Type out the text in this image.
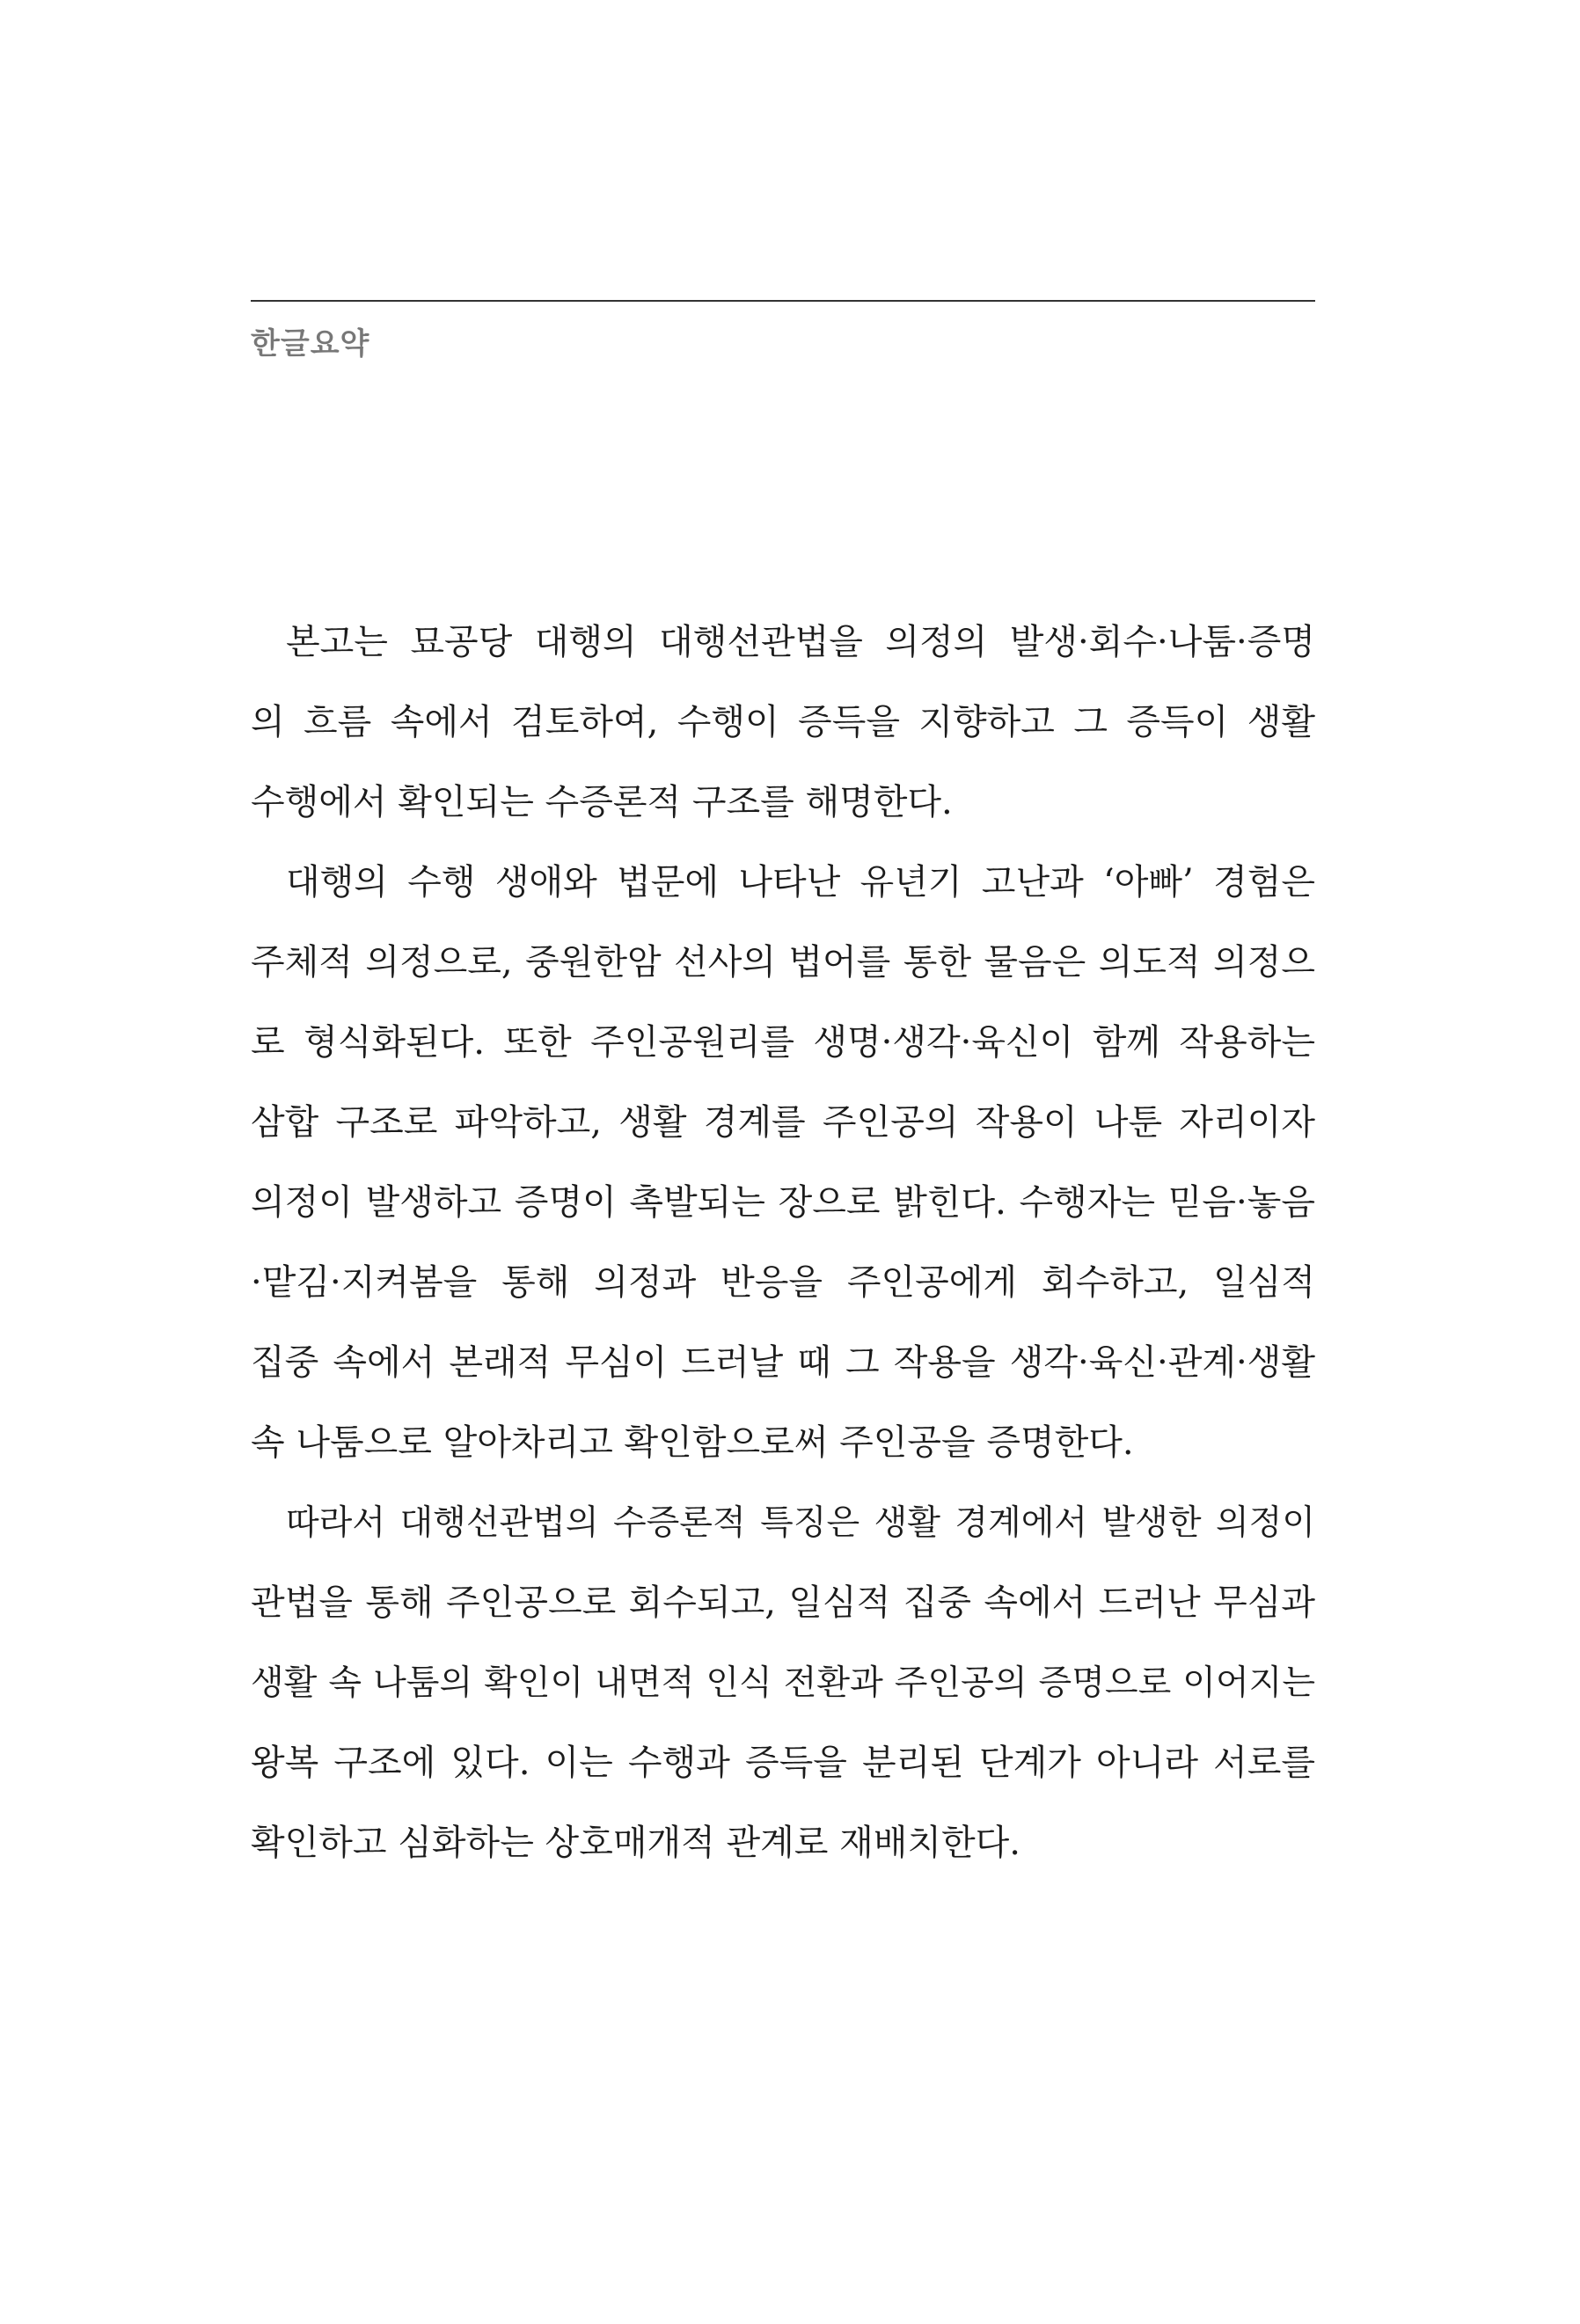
한글요약
본고는 묘공당 대행의 대행선관법을 의정의 발생·회수·나툼·증명
의 흐름 속에서 검토하여, 수행이 증득을 지향하고 그 증득이 생활
수행에서 확인되는 수증론적 구조를 해명한다.
대행의 수행 생애와 법문에 나타난 유년기 고난과 ‘아빠’ 경험은
주체적 의정으로, 중원한암 선사의 법어를 통한 물음은 의도적 의정으
로 형식화된다. 또한 주인공원리를 생명·생각·육신이 함께 작용하는
삼합 구조로 파악하고, 생활 경계를 주인공의 작용이 나툰 자리이자
의정이 발생하고 증명이 촉발되는 장으로 밝힌다. 수행자는 믿음·놓음
·맡김·지켜봄을 통해 의정과 반응을 주인공에게 회수하고, 일심적
집중 속에서 본래적 무심이 드러날 때 그 작용을 생각·육신·관계·생활
속 나툼으로 알아차리고 확인함으로써 주인공을 증명한다.
따라서 대행선관법의 수증론적 특징은 생활 경계에서 발생한 의정이
관법을 통해 주인공으로 회수되고, 일심적 집중 속에서 드러난 무심과
생활 속 나툼의 확인이 내면적 인식 전환과 주인공의 증명으로 이어지는
왕복 구조에 있다. 이는 수행과 증득을 분리된 단계가 아니라 서로를
확인하고 심화하는 상호매개적 관계로 재배치한다.
